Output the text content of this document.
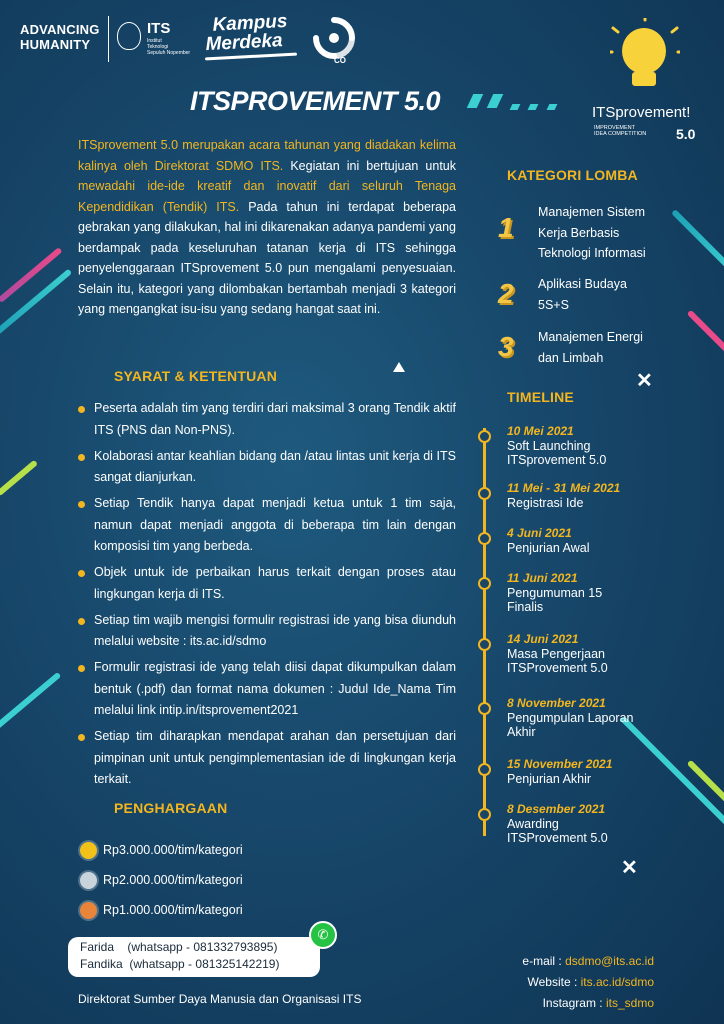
✕
✕
ADVANCING
HUMANITY
ITS
Institut
Teknologi
Sepuluh Nopember
Kampus
Merdeka
CO
ITSprovement!
IMPROVEMENT
IDEA COMPETITION 5.0
ITSPROVEMENT 5.0

ITSprovement 5.0 merupakan acara tahunan yang diadakan kelima kalinya oleh Direktorat SDMO ITS. Kegiatan ini bertujuan untuk mewadahi ide-ide kreatif dan inovatif dari seluruh Tenaga Kependidikan (Tendik) ITS. Pada tahun ini terdapat beberapa gebrakan yang dilakukan, hal ini dikarenakan adanya pandemi yang berdampak pada keseluruhan tatanan kerja di ITS sehingga penyelenggaraan ITSprovement 5.0 pun mengalami penyesuaian. Selain itu, kategori yang dilombakan bertambah menjadi 3 kategori yang mengangkat isu-isu yang sedang hangat saat ini.
SYARAT & KETENTUAN
Peserta adalah tim yang terdiri dari maksimal 3 orang Tendik aktif ITS (PNS dan Non-PNS).
Kolaborasi antar keahlian bidang dan /atau lintas unit kerja di ITS sangat dianjurkan.
Setiap Tendik hanya dapat menjadi ketua untuk 1 tim saja, namun dapat menjadi anggota di beberapa tim lain dengan komposisi tim yang berbeda.
Objek untuk ide perbaikan harus terkait dengan proses atau lingkungan kerja di ITS.
Setiap tim wajib mengisi formulir registrasi ide yang bisa diunduh melalui website : its.ac.id/sdmo
Formulir registrasi ide yang telah diisi dapat dikumpulkan dalam bentuk (.pdf) dan format nama dokumen : Judul Ide_Nama Tim melalui link intip.in/itsprovement2021
Setiap tim diharapkan mendapat arahan dan persetujuan dari pimpinan unit untuk pengimplementasian ide di lingkungan kerja terkait.
PENGHARGAAN
Rp3.000.000/tim/kategori
Rp2.000.000/tim/kategori
Rp1.000.000/tim/kategori
Farida    (whatsapp - 081332793895)
Fandika  (whatsapp - 081325142219)
✆
Direktorat Sumber Daya Manusia dan Organisasi ITS
KATEGORI LOMBA
1 Manajemen Sistem Kerja Berbasis Teknologi Informasi
2 Aplikasi Budaya 5S+S
3 Manajemen Energi dan Limbah
TIMELINE
10 Mei 2021
Soft Launching
ITSprovement 5.0
11 Mei - 31 Mei 2021
Registrasi Ide
4 Juni 2021
Penjurian Awal
11 Juni 2021
Pengumuman 15
Finalis
14 Juni 2021
Masa Pengerjaan
ITSProvement 5.0
8 November 2021
Pengumpulan Laporan
Akhir
15 November 2021
Penjurian Akhir
8 Desember 2021
Awarding
ITSProvement 5.0
e-mail : dsdmo@its.ac.id
Website : its.ac.id/sdmo
Instagram : its_sdmo
